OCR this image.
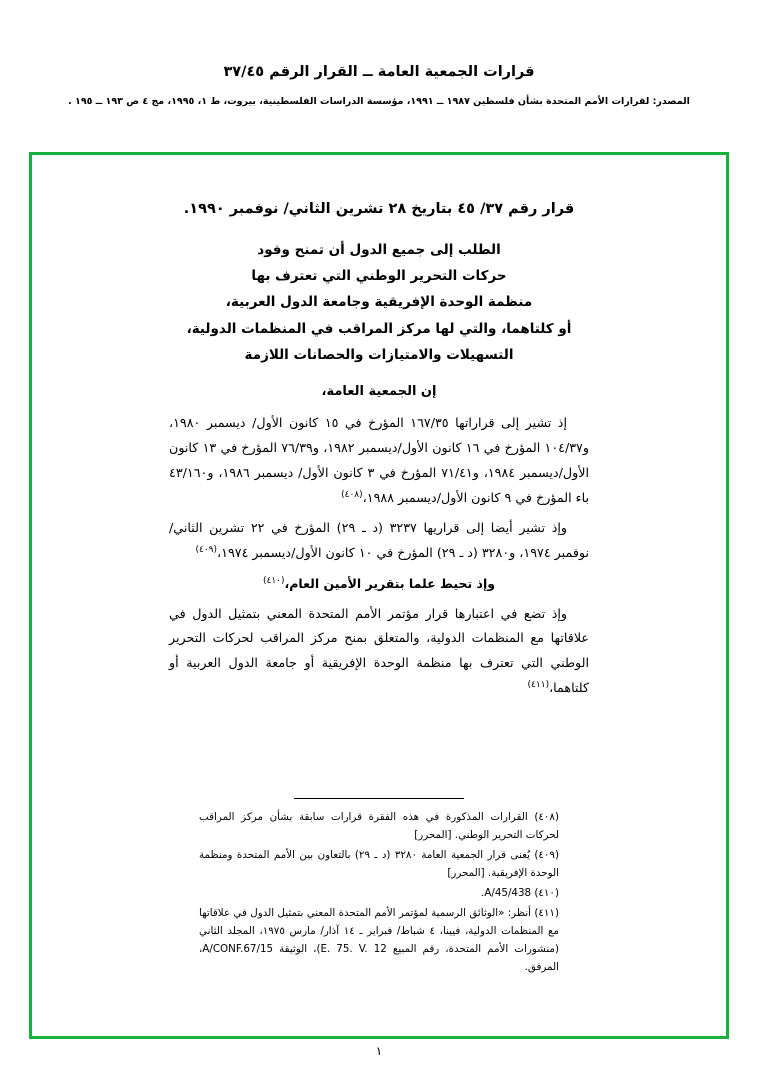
قرارات الجمعية العامة ــ القرار الرقم ٣٧/٤٥
المصدر: لقرارات الأمم المتحدة بشأن فلسطين ١٩٨٧ ــ ١٩٩١، مؤسسة الدراسات الفلسطينية، بيروت، ط ١، ١٩٩٥، مج ٤ ص ١٩٣ ــ ١٩٥ .
قرار رقم ٣٧/ ٤٥ بتاريخ ٢٨ تشرين الثاني/ نوفمبر ١٩٩٠.
الطلب إلى جميع الدول أن تمنح وفود
حركات التحرير الوطني التي تعترف بها
منظمة الوحدة الإفريقية وجامعة الدول العربية،
أو كلتاهما، والتي لها مركز المراقب في المنظمات الدولية،
التسهيلات والامتيازات والحصانات اللازمة
إن الجمعية العامة،
إذ تشير إلى قراراتها ١٦٧/٣٥ المؤرخ في ١٥ كانون الأول/ ديسمبر ١٩٨٠، و١٠٤/٣٧ المؤرخ في ١٦ كانون الأول/ديسمبر ١٩٨٢، و٧٦/٣٩ المؤرخ في ١٣ كانون الأول/ديسمبر ١٩٨٤، و٧١/٤١ المؤرخ في ٣ كانون الأول/ ديسمبر ١٩٨٦، و٤٣/١٦٠ باء المؤرخ في ٩ كانون الأول/ديسمبر ١٩٨٨،$^{(٤٠٨)}$
وإذ تشير أيضا إلى قراريها ٣٢٣٧ (د ـ ٢٩) المؤرخ في ٢٢ تشرين الثاني/ نوفمبر ١٩٧٤، و٣٢٨٠ (د ـ ٢٩) المؤرخ في ١٠ كانون الأول/ديسمبر ١٩٧٤،$^{(٤٠٩)}$
وإذ تحيط علما بتقرير الأمين العام،$^{(٤١٠)}$
وإذ تضع في اعتبارها قرار مؤتمر الأمم المتحدة المعني بتمثيل الدول في علاقاتها مع المنظمات الدولية، والمتعلق بمنح مركز المراقب لحركات التحرير الوطني التي تعترف بها منظمة الوحدة الإفريقية أو جامعة الدول العربية أو كلتاهما،$^{(٤١١)}$
(٤٠٨) القرارات المذكورة في هذه الفقرة قرارات سابقة بشأن مركز المراقب لحركات التحرير الوطني. [المحرر]
(٤٠٩) يُعنى قرار الجمعية العامة ٣٢٨٠ (د ـ ٢٩) بالتعاون بين الأمم المتحدة ومنظمة الوحدة الإفريقية. [المحرر]
(٤١٠) A/45/438.
(٤١١) أنظر: «الوثائق الرسمية لمؤتمر الأمم المتحدة المعني بتمثيل الدول في علاقاتها مع المنظمات الدولية، فيينا، ٤ شباط/ فبراير ـ ١٤ آذار/ مارس ١٩٧٥، المجلد الثاني (منشورات الأمم المتحدة، رقم المبيع E. 75. V. 12)، الوثيقة A/CONF.67/15، المرفق.
١
